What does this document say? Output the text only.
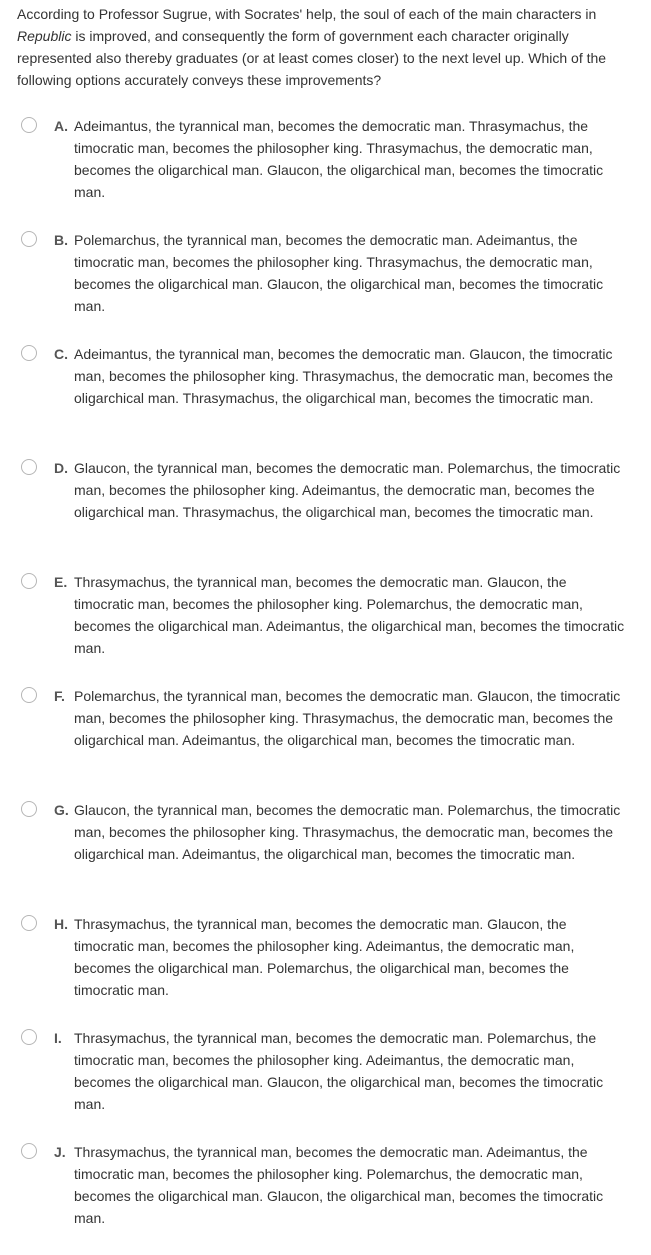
According to Professor Sugrue, with Socrates' help, the soul of each of the main characters in Republic is improved, and consequently the form of government each character originally represented also thereby graduates (or at least comes closer) to the next level up. Which of the following options accurately conveys these improvements?
A. Adeimantus, the tyrannical man, becomes the democratic man. Thrasymachus, the timocratic man, becomes the philosopher king. Thrasymachus, the democratic man, becomes the oligarchical man. Glaucon, the oligarchical man, becomes the timocratic man.
B. Polemarchus, the tyrannical man, becomes the democratic man. Adeimantus, the timocratic man, becomes the philosopher king. Thrasymachus, the democratic man, becomes the oligarchical man. Glaucon, the oligarchical man, becomes the timocratic man.
C. Adeimantus, the tyrannical man, becomes the democratic man. Glaucon, the timocratic man, becomes the philosopher king. Thrasymachus, the democratic man, becomes the oligarchical man. Thrasymachus, the oligarchical man, becomes the timocratic man.
D. Glaucon, the tyrannical man, becomes the democratic man. Polemarchus, the timocratic man, becomes the philosopher king. Adeimantus, the democratic man, becomes the oligarchical man. Thrasymachus, the oligarchical man, becomes the timocratic man.
E. Thrasymachus, the tyrannical man, becomes the democratic man. Glaucon, the timocratic man, becomes the philosopher king. Polemarchus, the democratic man, becomes the oligarchical man. Adeimantus, the oligarchical man, becomes the timocratic man.
F. Polemarchus, the tyrannical man, becomes the democratic man. Glaucon, the timocratic man, becomes the philosopher king. Thrasymachus, the democratic man, becomes the oligarchical man. Adeimantus, the oligarchical man, becomes the timocratic man.
G. Glaucon, the tyrannical man, becomes the democratic man. Polemarchus, the timocratic man, becomes the philosopher king. Thrasymachus, the democratic man, becomes the oligarchical man. Adeimantus, the oligarchical man, becomes the timocratic man.
H. Thrasymachus, the tyrannical man, becomes the democratic man. Glaucon, the timocratic man, becomes the philosopher king. Adeimantus, the democratic man, becomes the oligarchical man. Polemarchus, the oligarchical man, becomes the timocratic man.
I. Thrasymachus, the tyrannical man, becomes the democratic man. Polemarchus, the timocratic man, becomes the philosopher king. Adeimantus, the democratic man, becomes the oligarchical man. Glaucon, the oligarchical man, becomes the timocratic man.
J. Thrasymachus, the tyrannical man, becomes the democratic man. Adeimantus, the timocratic man, becomes the philosopher king. Polemarchus, the democratic man, becomes the oligarchical man. Glaucon, the oligarchical man, becomes the timocratic man.
